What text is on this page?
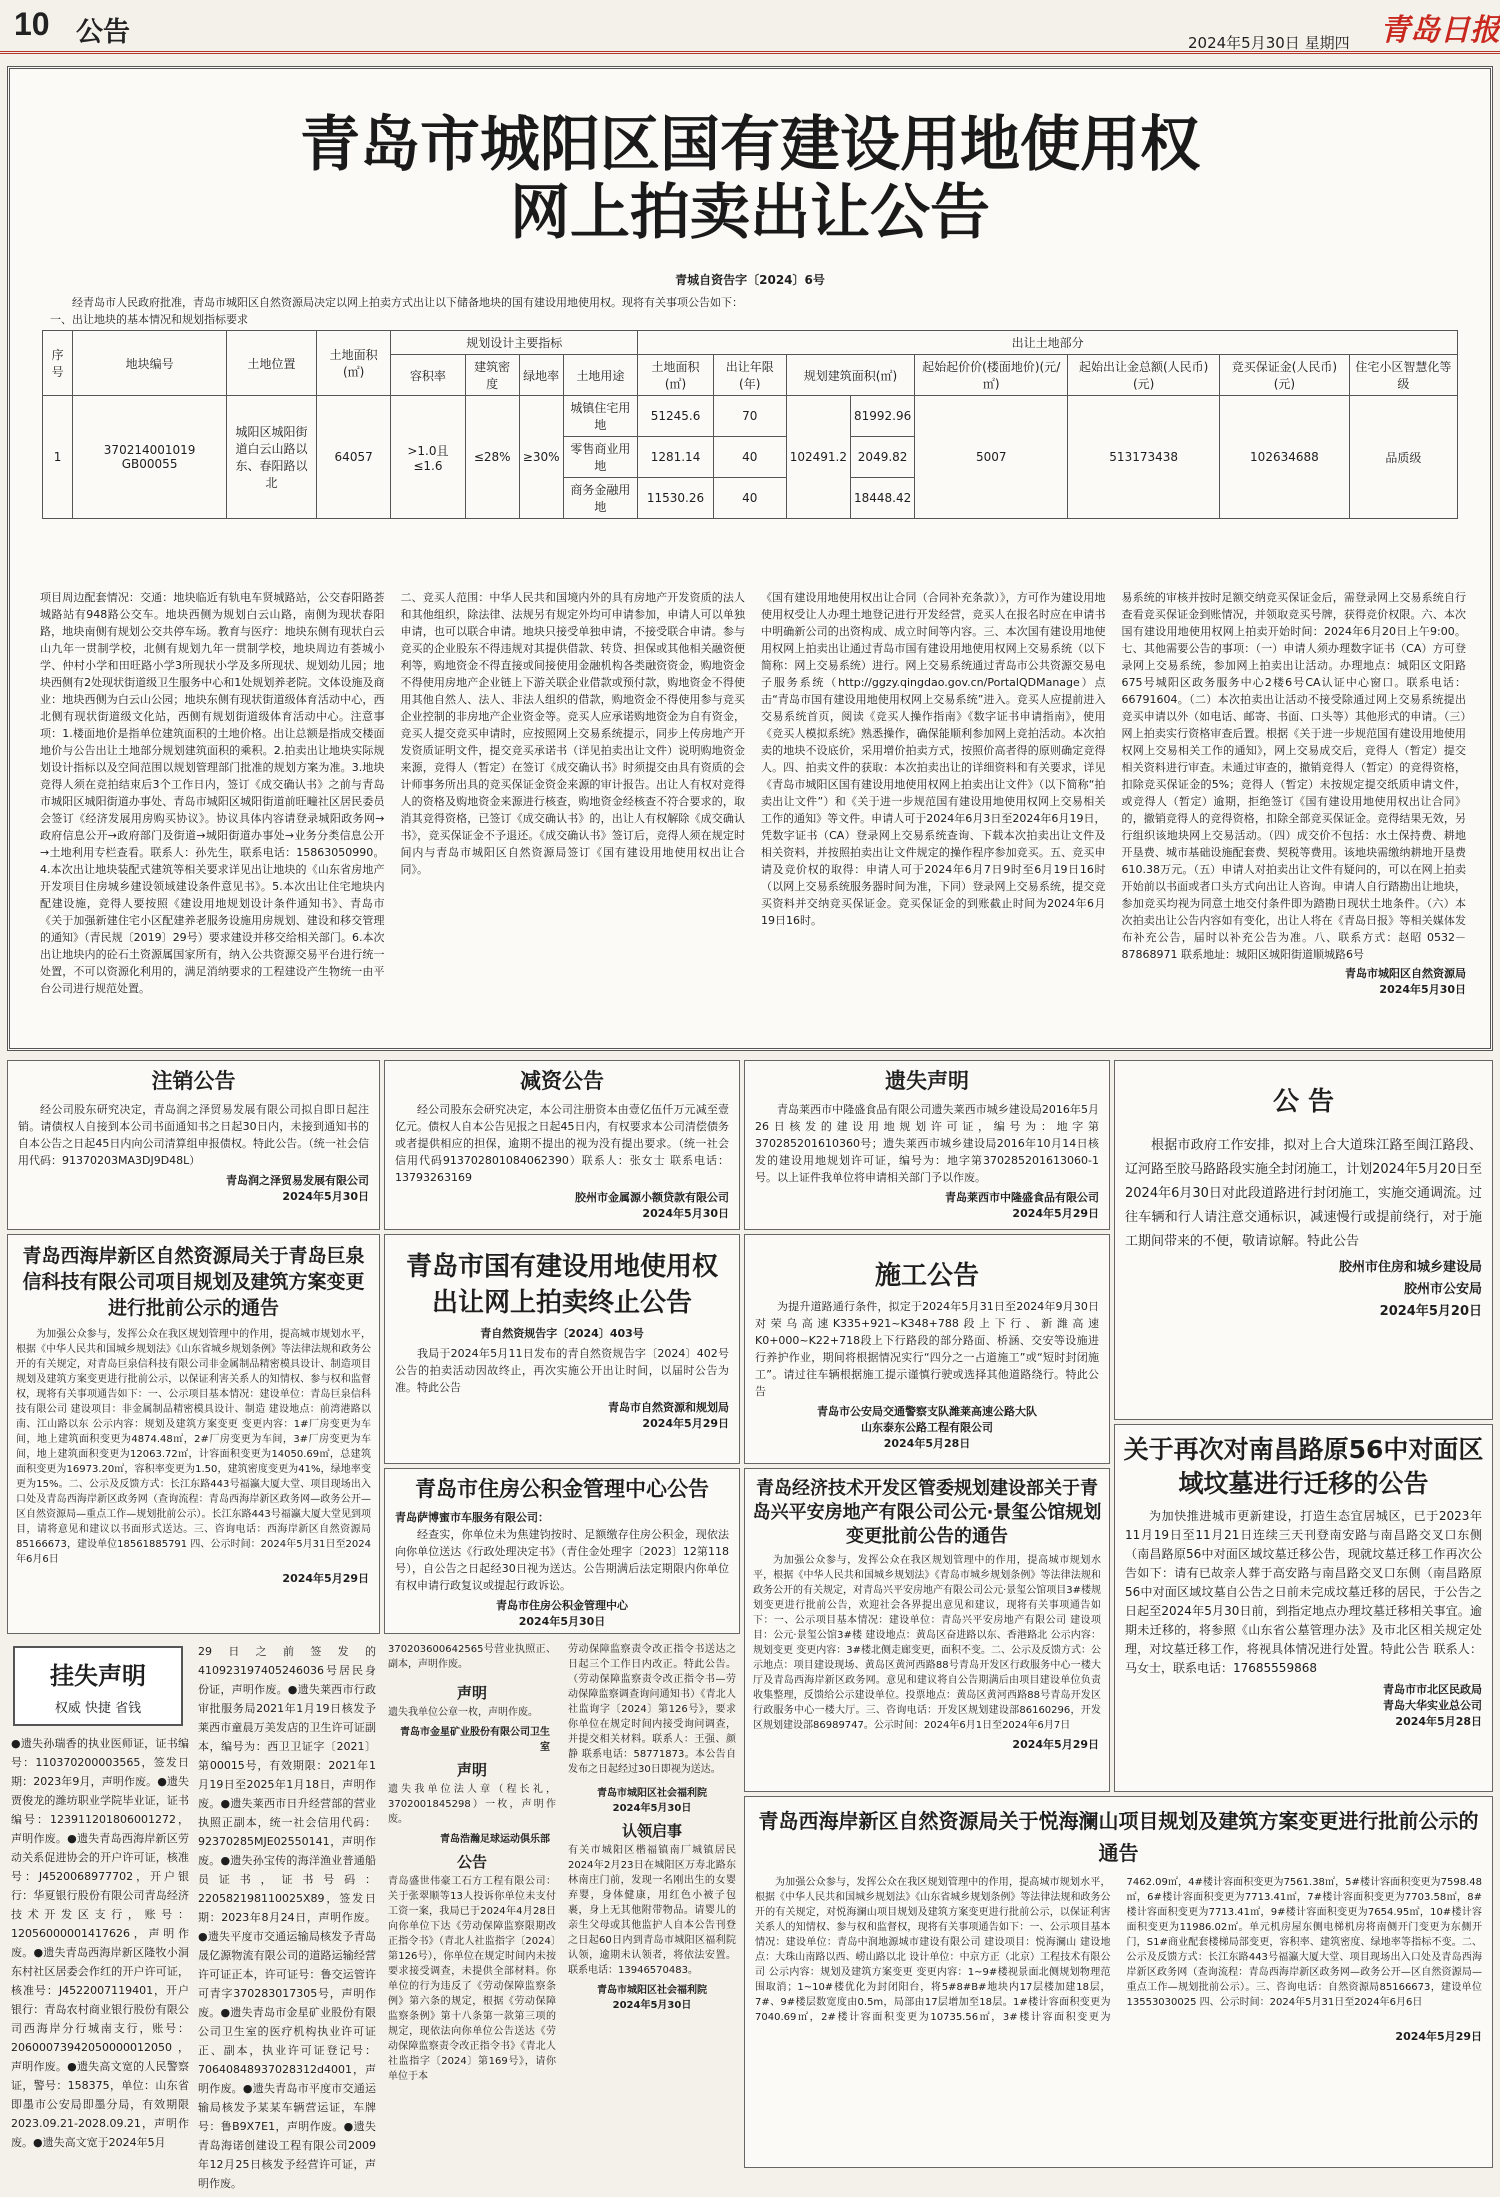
10 公告	2024年5月30日 星期四 青岛日报
青岛市城阳区国有建设用地使用权
网上拍卖出让公告
青城自资告字〔2024〕6号

经青岛市人民政府批准，青岛市城阳区自然资源局决定以网上拍卖方式出让以下储备地块的国有建设用地使用权。现将有关事项公告如下：

一、出让地块的基本情况和规划指标要求

序号	地块编号	土地位置	土地面积(㎡)	规划设计主要指标				出让土地部分							
				容积率	建筑密度	绿地率	土地用途	土地面积(㎡)	出让年限(年)	规划建筑面积(㎡)		起始起价价(楼面地价)(元/㎡)	起始出让金总额(人民币)(元)	竞买保证金(人民币)(元)	住宅小区智慧化等级
1	370214001019 GB00055	城阳区城阳街道白云山路以东、春阳路以北	64057	>1.0且≤1.6	≤28%	≥30%	城镇住宅用地	51245.6	70	102491.2	81992.96	5007	513173438	102634688	品质级
							零售商业用地	1281.14	40		2049.82				
							商务金融用地	11530.26	40		18448.42				
项目周边配套情况：交通：地块临近有轨电车贤城路站，公交春阳路荟城路站有948路公交车。地块西侧为规划白云山路，南侧为现状春阳路，地块南侧有规划公交共停车场。教育与医疗：地块东侧有现状白云山九年一贯制学校，北侧有规划九年一贯制学校，地块周边有荟城小学、仲村小学和田旺路小学3所现状小学及多所现状、规划幼儿园；地块西侧有2处现状街道级卫生服务中心和1处规划养老院。文体设施及商业：地块西侧为白云山公园；地块东侧有现状街道级体育活动中心，西北侧有现状街道级文化站，西侧有规划街道级体育活动中心。注意事项：1.楼面地价是指单位建筑面积的土地价格。出让总额是指成交楼面地价与公告出让土地部分规划建筑面积的乘积。2.拍卖出让地块实际规划设计指标以及空间范围以规划管理部门批准的规划方案为准。3.地块竞得人须在竞拍结束后3个工作日内，签订《成交确认书》之前与青岛市城阳区城阳街道办事处、青岛市城阳区城阳街道前旺疃社区居民委员会签订《经济发展用房购买协议》。协议具体内容请登录城阳政务网→政府信息公开→政府部门及街道→城阳街道办事处→业务分类信息公开→土地利用专栏查看。联系人：孙先生，联系电话：15863050990。4.本次出让地块装配式建筑等相关要求详见出让地块的《山东省房地产开发项目住房城乡建设领域建设条件意见书》。5.本次出让住宅地块内配建设施，竞得人要按照《建设用地规划设计条件通知书》、青岛市《关于加强新建住宅小区配建养老服务设施用房规划、建设和移交管理的通知》（青民规〔2019〕29号）要求建设并移交给相关部门。6.本次出让地块内的砼石土资源属国家所有，纳入公共资源交易平台进行统一处置，不可以资源化利用的，满足消纳要求的工程建设产生物统一由平台公司进行规范处置。
二、竞买人范围：中华人民共和国境内外的具有房地产开发资质的法人和其他组织，除法律、法规另有规定外均可申请参加，申请人可以单独申请，也可以联合申请。地块只接受单独申请，不接受联合申请。参与竞买的企业股东不得违规对其提供借款、转贷、担保或其他相关融资便利等，购地资金不得直接或间接使用金融机构各类融资资金，购地资金不得使用房地产企业链上下游关联企业借款或预付款，购地资金不得使用其他自然人、法人、非法人组织的借款，购地资金不得使用参与竞买企业控制的非房地产企业资金等。竞买人应承诺购地资金为自有资金，竞买人提交竞买申请时，应按照网上交易系统提示，同步上传房地产开发资质证明文件，提交竞买承诺书（详见拍卖出让文件）说明购地资金来源，竞得人（暂定）在签订《成交确认书》时须提交由具有资质的会计师事务所出具的竞买保证金资金来源的审计报告。出让人有权对竞得人的资格及购地资金来源进行核查，购地资金经核查不符合要求的，取消其竞得资格，已签订《成交确认书》的，出让人有权解除《成交确认书》，竞买保证金不予退还。《成交确认书》签订后，竞得人须在规定时间内与青岛市城阳区自然资源局签订《国有建设用地使用权出让合同》。
《国有建设用地使用权出让合同（合同补充条款）》，方可作为建设用地使用权受让人办理土地登记进行开发经营，竞买人在报名时应在申请书中明确新公司的出资构成、成立时间等内容。三、本次国有建设用地使用权网上拍卖出让通过青岛市国有建设用地使用权网上交易系统（以下简称：网上交易系统）进行。网上交易系统通过青岛市公共资源交易电子服务系统（http://ggzy.qingdao.gov.cn/PortalQDManage）点击“青岛市国有建设用地使用权网上交易系统”进入。竞买人应提前进入交易系统首页，阅读《竞买人操作指南》《数字证书申请指南》，使用《竞买人模拟系统》熟悉操作，确保能顺利参加网上竞拍活动。本次拍卖的地块不设底价，采用增价拍卖方式，按照价高者得的原则确定竞得人。四、拍卖文件的获取：本次拍卖出让的详细资料和有关要求，详见《青岛市城阳区国有建设用地使用权网上拍卖出让文件》（以下简称“拍卖出让文件”）和《关于进一步规范国有建设用地使用权网上交易相关工作的通知》等文件。申请人可于2024年6月3日至2024年6月19日，凭数字证书（CA）登录网上交易系统查询、下载本次拍卖出让文件及相关资料，并按照拍卖出让文件规定的操作程序参加竞买。五、竞买申请及竞价权的取得：申请人可于2024年6月7日9时至6月19日16时（以网上交易系统服务器时间为准，下同）登录网上交易系统，提交竞买资料并交纳竞买保证金。竞买保证金的到账截止时间为2024年6月19日16时。
易系统的审核并按时足额交纳竞买保证金后，需登录网上交易系统自行查看竞买保证金到账情况，并领取竞买号牌，获得竞价权限。六、本次国有建设用地使用权网上拍卖开始时间：2024年6月20日上午9:00。七、其他需要公告的事项：（一）申请人须办理数字证书（CA）方可登录网上交易系统，参加网上拍卖出让活动。办理地点：城阳区文阳路675号城阳区政务服务中心2楼6号CA认证中心窗口。联系电话：66791604。（二）本次拍卖出让活动不接受除通过网上交易系统提出竞买申请以外（如电话、邮寄、书面、口头等）其他形式的申请。（三）网上拍卖实行资格审查后置。根据《关于进一步规范国有建设用地使用权网上交易相关工作的通知》，网上交易成交后，竞得人（暂定）提交相关资料进行审查。未通过审查的，撤销竞得人（暂定）的竞得资格，扣除竞买保证金的5%；竞得人（暂定）未按规定提交纸质申请文件，或竞得人（暂定）逾期，拒绝签订《国有建设用地使用权出让合同》的，撤销竞得人的竞得资格，扣除全部竞买保证金。竞得结果无效，另行组织该地块网上交易活动。（四）成交价不包括：水土保持费、耕地开垦费、城市基础设施配套费、契税等费用。该地块需缴纳耕地开垦费610.38万元。（五）申请人对拍卖出让文件有疑问的，可以在网上拍卖开始前以书面或者口头方式向出让人咨询。申请人自行踏勘出让地块，参加竞买均视为同意土地交付条件即为踏勘日现状土地条件。（六）本次拍卖出让公告内容如有变化，出让人将在《青岛日报》等相关媒体发布补充公告，届时以补充公告为准。八、联系方式：赵昭 0532－87868971 联系地址：城阳区城阳街道顺城路6号
青岛市城阳区自然资源局
2024年5月30日
注销公告

经公司股东研究决定，青岛润之泽贸易发展有限公司拟自即日起注销。请债权人自接到本公司书面通知书之日起30日内，未接到通知书的自本公告之日起45日内向公司清算组申报债权。特此公告。（统一社会信用代码：91370203MA3DJ9D48L）

青岛润之泽贸易发展有限公司
2024年5月30日
减资公告

经公司股东会研究决定，本公司注册资本由壹亿伍仟万元减至壹亿元。债权人自本公告见报之日起45日内，有权要求本公司清偿债务或者提供相应的担保，逾期不提出的视为没有提出要求。（统一社会信用代码913702801084062390）联系人：张女士 联系电话：13793263169

胶州市金属源小额贷款有限公司
2024年5月30日
遗失声明

青岛莱西市中隆盛食品有限公司遗失莱西市城乡建设局2016年5月26日核发的建设用地规划许可证，编号为：地字第370285201610360号；遗失莱西市城乡建设局2016年10月14日核发的建设用地规划许可证，编号为：地字第370285201613060-1号。以上证件我单位将申请相关部门予以作废。

青岛莱西市中隆盛食品有限公司
2024年5月29日
公 告

根据市政府工作安排，拟对上合大道珠江路至闽江路段、辽河路至胶马路路段实施全封闭施工，计划2024年5月20日至2024年6月30日对此段道路进行封闭施工，实施交通调流。过往车辆和行人请注意交通标识，减速慢行或提前绕行，对于施工期间带来的不便，敬请谅解。特此公告

胶州市住房和城乡建设局
胶州市公安局
2024年5月20日
青岛西海岸新区自然资源局关于青岛巨泉信科技有限公司项目规划及建筑方案变更进行批前公示的通告

为加强公众参与，发挥公众在我区规划管理中的作用，提高城市规划水平，根据《中华人民共和国城乡规划法》《山东省城乡规划条例》等法律法规和政务公开的有关规定，对青岛巨泉信科技有限公司非金属制品精密模具设计、制造项目规划及建筑方案变更进行批前公示，以保证利害关系人的知情权、参与权和监督权，现将有关事项通告如下：一、公示项目基本情况：建设单位：青岛巨泉信科技有限公司 建设项目：非金属制品精密模具设计、制造 建设地点：前湾港路以南、江山路以东 公示内容：规划及建筑方案变更 变更内容：1#厂房变更为车间，地上建筑面积变更为4874.48㎡，2#厂房变更为车间，3#厂房变更为车间，地上建筑面积变更为12063.72㎡，计容面积变更为14050.69㎡，总建筑面积变更为16973.20㎡，容积率变更为1.50，建筑密度变更为41%，绿地率变更为15%。二、公示及反馈方式：长江东路443号福瀛大厦大堂、项目现场出入口处及青岛西海岸新区政务网（查询流程：青岛西海岸新区政务网—政务公开—区自然资源局—重点工作—规划批前公示）。长江东路443号福瀛大厦大堂见到项目，请将意见和建议以书面形式送达。三、咨询电话：西海岸新区自然资源局85166673，建设单位18561885791 四、公示时间：2024年5月31日至2024年6月6日

2024年5月29日
青岛市国有建设用地使用权
出让网上拍卖终止公告
青自然资规告字〔2024〕403号

我局于2024年5月11日发布的青自然资规告字〔2024〕402号公告的拍卖活动因故终止，再次实施公开出让时间，以届时公告为准。特此公告

青岛市自然资源和规划局
2024年5月29日
施工公告

为提升道路通行条件，拟定于2024年5月31日至2024年9月30日对荣乌高速K335+921~K348+788段上下行、新潍高速K0+000~K22+718段上下行路段的部分路面、桥涵、交安等设施进行养护作业，期间将根据情况实行“四分之一占道施工”或“短时封闭施工”。请过往车辆根据施工提示谨慎行驶或选择其他道路绕行。特此公告

青岛市公安局交通警察支队潍莱高速公路大队
山东泰东公路工程有限公司
2024年5月28日
青岛市住房公积金管理中心公告
青岛萨博蜜市车服务有限公司：

经查实，你单位未为焦建钧按时、足额缴存住房公积金，现依法向你单位送达《行政处理决定书》（青住金处理字〔2023〕12第118号），自公告之日起经30日视为送达。公告期满后法定期限内你单位有权申请行政复议或提起行政诉讼。

青岛市住房公积金管理中心
2024年5月30日
青岛经济技术开发区管委规划建设部关于青岛兴平安房地产有限公司公元·景玺公馆规划变更批前公告的通告

为加强公众参与，发挥公众在我区规划管理中的作用，提高城市规划水平，根据《中华人民共和国城乡规划法》《青岛市城乡规划条例》等法律法规和政务公开的有关规定，对青岛兴平安房地产有限公司公元·景玺公馆项目3#楼规划变更进行批前公告，欢迎社会各界提出意见和建议，现将有关事项通告如下：一、公示项目基本情况：建设单位：青岛兴平安房地产有限公司 建设项目：公元·景玺公馆3#楼 建设地点：黄岛区奋进路以东、香港路北 公示内容：规划变更 变更内容：3#楼北侧走廊变更，面积不变。二、公示及反馈方式：公示地点：项目建设现场、黄岛区黄河西路88号青岛开发区行政服务中心一楼大厅及青岛西海岸新区政务网。意见和建议将自公告期满后由项目建设单位负责收集整理，反馈给公示建设单位。投票地点：黄岛区黄河西路88号青岛开发区行政服务中心一楼大厅。三、咨询电话：开发区规划建设部86160296，开发区规划建设部86989747。公示时间：2024年6月1日至2024年6月7日

2024年5月29日
关于再次对南昌路原56中对面区域坟墓进行迁移的公告

为加快推进城市更新建设，打造生态宜居城区，已于2023年11月19日至11月21日连续三天刊登南安路与南昌路交叉口东侧（南昌路原56中对面区域坟墓迁移公告，现就坟墓迁移工作再次公告如下：请有已故亲人葬于高安路与南昌路交叉口东侧（南昌路原56中对面区域坟墓自公告之日前未完成坟墓迁移的居民，于公告之日起至2024年5月30日前，到指定地点办理坟墓迁移相关事宜。逾期未迁移的，将参照《山东省公墓管理办法》及市北区相关规定处理，对坟墓迁移工作，将视具体情况进行处置。特此公告 联系人：马女士，联系电话：17685559868

青岛市市北区民政局
青岛大华实业总公司
2024年5月28日
挂失声明
权威 快捷 省钱
●遗失孙瑞香的执业医师证，证书编号：110370200003565，签发日期：2023年9月，声明作废。●遗失贾俊龙的潍坊职业学院毕业证，证书编号：123911201806001272，声明作废。●遗失青岛西海岸新区劳动关系促进协会的开户许可证，核准号：J4520068977702，开户银行：华夏银行股份有限公司青岛经济技术开发区支行，账号：12056000001417626，声明作废。●遗失青岛西海岸新区隆牧小洞东村社区居委会作红的开户许可证，核准号：J4522007119401，开户银行：青岛农村商业银行股份有限公司西海岸分行城南支行，账号：20600073942050000012050，声明作废。●遗失高文宽的人民警察证，警号：158375，单位：山东省即墨市公安局即墨分局，有效期限2023.09.21-2028.09.21，声明作废。●遗失高文宽于2024年5月
29日之前签发的410923197405246036号居民身份证，声明作废。●遗失莱西市行政审批服务局2021年1月19日核发予莱西市童晨万美发店的卫生许可证副本，编号为：西卫卫证字〔2021〕第00015号，有效期限：2021年1月19日至2025年1月18日，声明作废。●遗失莱西市日升经营部的营业执照正副本，统一社会信用代码：92370285MJE02550141，声明作废。●遗失孙宝传的海洋渔业普通船员证书，证书号码：220582198110025X89，签发日期：2023年8月24日，声明作废。●遗失平度市交通运输局核发予青岛晟亿源物流有限公司的道路运输经营许可证正本，许可证号：鲁交运管许可青字370283017305号，声明作废。●遗失青岛市金星矿业股份有限公司卫生室的医疗机构执业许可证正、副本，执业许可证登记号：70640848937028312d4001，声明作废。●遗失青岛市平度市交通运输局核发予某某车辆营运证，车牌号：鲁B9X7E1，声明作废。●遗失青岛海诺创建设工程有限公司2009年12月25日核发予经营许可证，声明作废。
370203600642565号营业执照正、副本，声明作废。
声明
遗失我单位公章一枚，声明作废。
青岛市金星矿业股份有限公司卫生室
声明
遗失我单位法人章（程长礼，3702001845298）一枚，声明作废。
青岛浩瀚足球运动俱乐部
公告
青岛盛世伟豪工石方工程有限公司：关于张翠顺等13人投诉你单位未支付工资一案，我局已于2024年4月28日向你单位下达《劳动保障监察限期改正指令书》（青北人社监指字〔2024〕第126号），你单位在规定时间内未按要求接受调查，未提供全部材料。你单位的行为违反了《劳动保障监察条例》第六条的规定，根据《劳动保障监察条例》第十八条第一款第三项的规定，现依法向你单位公告送达《劳动保障监察责令改正指令书》《青北人社监指字〔2024〕第169号》，请你单位于本
劳动保障监察责令改正指令书送达之日起三个工作日内改正。特此公告。（劳动保障监察责令改正指令书—劳动保障监察调查询问通知书）《青北人社监询字〔2024〕第126号》，要求你单位在规定时间内接受询问调查，并提交相关材料。联系人：王强、颜静 联系电话：58771873。本公告自发布之日起经过30日即视为送达。
青岛市城阳区社会福利院
2024年5月30日
认领启事
有关市城阳区楷福镇南厂城镇居民2024年2月23日在城阳区万寿北路东林南庄门前，发现一名刚出生的女婴弃婴，身体健康，用红色小被子包裹，身上无其他附带物品。请婴儿的亲生父母或其他监护人自本公告刊登之日起60日内到青岛市城阳区福利院认领，逾期未认领者，将依法安置。联系电话：13946570483。
青岛市城阳区社会福利院
2024年5月30日
青岛西海岸新区自然资源局关于悦海澜山项目规划及建筑方案变更进行批前公示的通告

为加强公众参与，发挥公众在我区规划管理中的作用，提高城市规划水平，根据《中华人民共和国城乡规划法》《山东省城乡规划条例》等法律法规和政务公开的有关规定，对悦海澜山项目规划及建筑方案变更进行批前公示，以保证利害关系人的知情权、参与权和监督权，现将有关事项通告如下：一、公示项目基本情况：建设单位：青岛中润地源城市建设有限公司 建设项目：悦海澜山 建设地点：大珠山南路以西、崂山路以北 设计单位：中京方正（北京）工程技术有限公司 公示内容：规划及建筑方案变更 变更内容：1~9#楼视景面北侧规划物理范围取消；1~10#楼优化为封闭阳台，将5#8#B#地块内17层楼加建18层，7#、9#楼层数宽度由0.5m，局部由17层增加至18层。1#楼计容面积变更为7040.69㎡，2#楼计容面积变更为10735.56㎡，3#楼计容面积变更为7462.09㎡，4#楼计容面积变更为7561.38㎡，5#楼计容面积变更为7598.48㎡，6#楼计容面积变更为7713.41㎡，7#楼计容面积变更为7703.58㎡，8#楼计容面积变更为7713.41㎡，9#楼计容面积变更为7654.95㎡，10#楼计容面积变更为11986.02㎡。单元机房屋东侧电梯机房将南侧开门变更为东侧开门，S1#商业配套楼梯局部变更，容积率、建筑密度、绿地率等指标不变。二、公示及反馈方式：长江东路443号福瀛大厦大堂、项目现场出入口处及青岛西海岸新区政务网（查询流程：青岛西海岸新区政务网—政务公开—区自然资源局—重点工作—规划批前公示）。三、咨询电话：自然资源局85166673，建设单位13553030025 四、公示时间：2024年5月31日至2024年6月6日

2024年5月29日
